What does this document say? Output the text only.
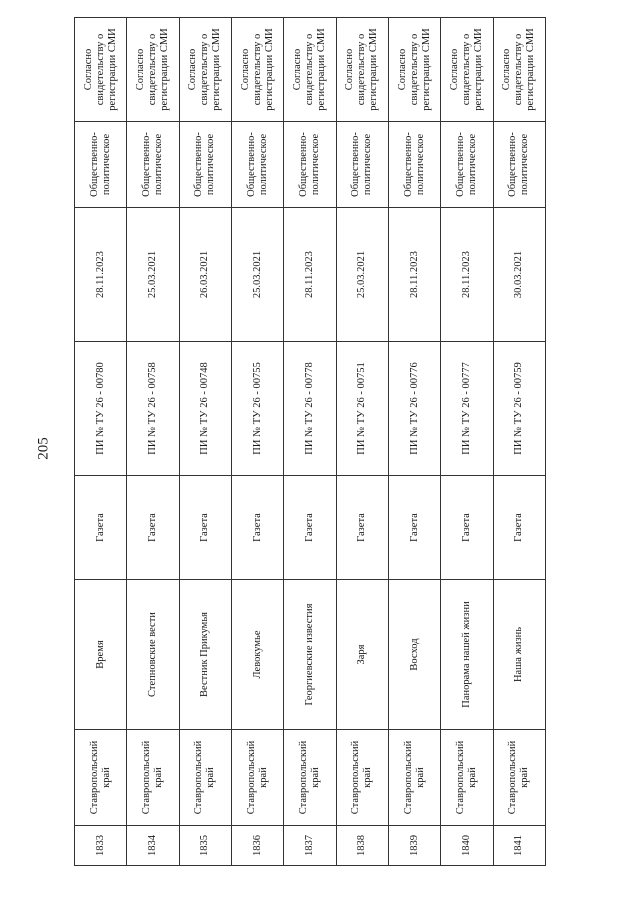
205
1833	Ставропольский край	Время	Газета	ПИ № ТУ 26 - 00780	28.11.2023	Общественно-политическое	Согласно свидетельству о регистрации СМИ
1834	Ставропольский край	Степновские вести	Газета	ПИ № ТУ 26 - 00758	25.03.2021	Общественно-политическое	Согласно свидетельству о регистрации СМИ
1835	Ставропольский край	Вестник Прикумья	Газета	ПИ № ТУ 26 - 00748	26.03.2021	Общественно-политическое	Согласно свидетельству о регистрации СМИ
1836	Ставропольский край	Левокумье	Газета	ПИ № ТУ 26 - 00755	25.03.2021	Общественно-политическое	Согласно свидетельству о регистрации СМИ
1837	Ставропольский край	Георгиевские известия	Газета	ПИ № ТУ 26 - 00778	28.11.2023	Общественно-политическое	Согласно свидетельству о регистрации СМИ
1838	Ставропольский край	Заря	Газета	ПИ № ТУ 26 - 00751	25.03.2021	Общественно-политическое	Согласно свидетельству о регистрации СМИ
1839	Ставропольский край	Восход	Газета	ПИ № ТУ 26 - 00776	28.11.2023	Общественно-политическое	Согласно свидетельству о регистрации СМИ
1840	Ставропольский край	Панорама нашей жизни	Газета	ПИ № ТУ 26 - 00777	28.11.2023	Общественно-политическое	Согласно свидетельству о регистрации СМИ
1841	Ставропольский край	Наша жизнь	Газета	ПИ № ТУ 26 - 00759	30.03.2021	Общественно-политическое	Согласно свидетельству о регистрации СМИ
